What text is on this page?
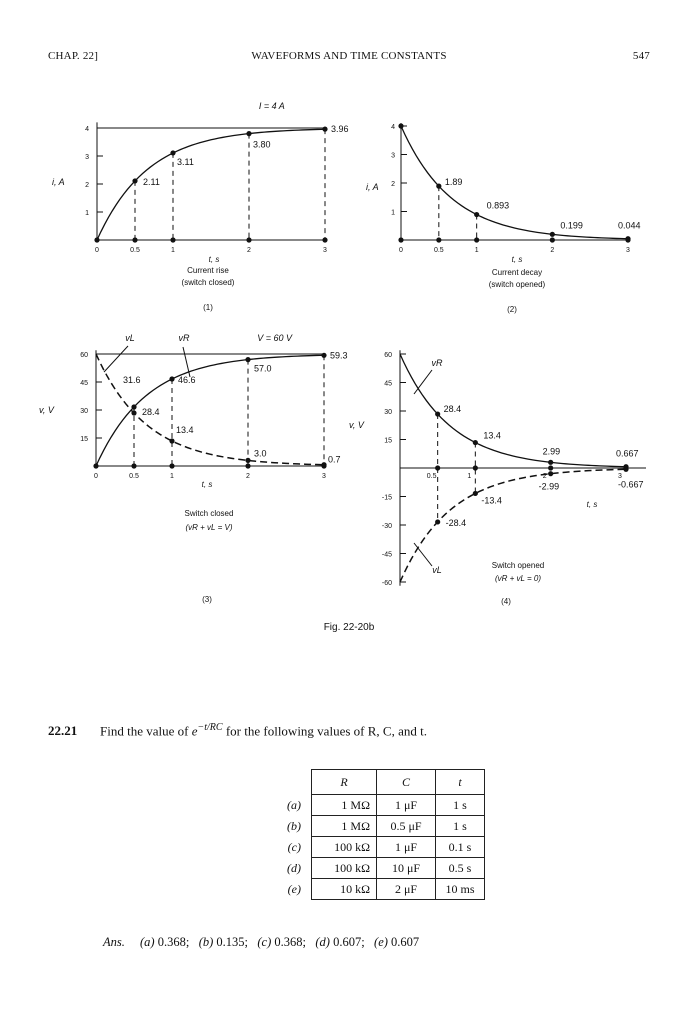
CHAP. 22]	WAVEFORMS AND TIME CONSTANTS	547
1
2
3
4
0	0.5	1	2	3
2.11
3.11
3.80
3.96
I = 4 A
i, A
t, s
Current rise
(switch closed)
(1)
1
2
3
4
0	0.5	1	2	3
1.89
0.893
0.199	0.044
i, A
t, s
Current decay
(switch opened)
(2)
15
30
45
60
0	0.5	1	2	3
31.6	46.6
57.0
59.3
28.4
13.4
3.0
0.7
V = 60 V
vL	vR
v, V
t, s
Switch closed
(vR + vL = V)
(3)
60
45
30
15
-15
-30
-45
-60
0.5	1	2	3
28.4
13.4
2.99	0.667
-13.4
-28.4
-2.99	-0.667
vR
vL
v, V
t, s
Switch opened
(vR + vL = 0)
(4)
Fig. 22-20b
22.21 Find the value of $e^{-t/RC}$ for the following values of R, C, and t.
	R	C	t
(a)	1 MΩ	1 μF	1 s
(b)	1 MΩ	0.5 μF	1 s
(c)	100 kΩ	1 μF	0.1 s
(d)	100 kΩ	10 μF	0.5 s
(e)	10 kΩ	2 μF	10 ms
Ans. (a) 0.368; (b) 0.135; (c) 0.368; (d) 0.607; (e) 0.607
